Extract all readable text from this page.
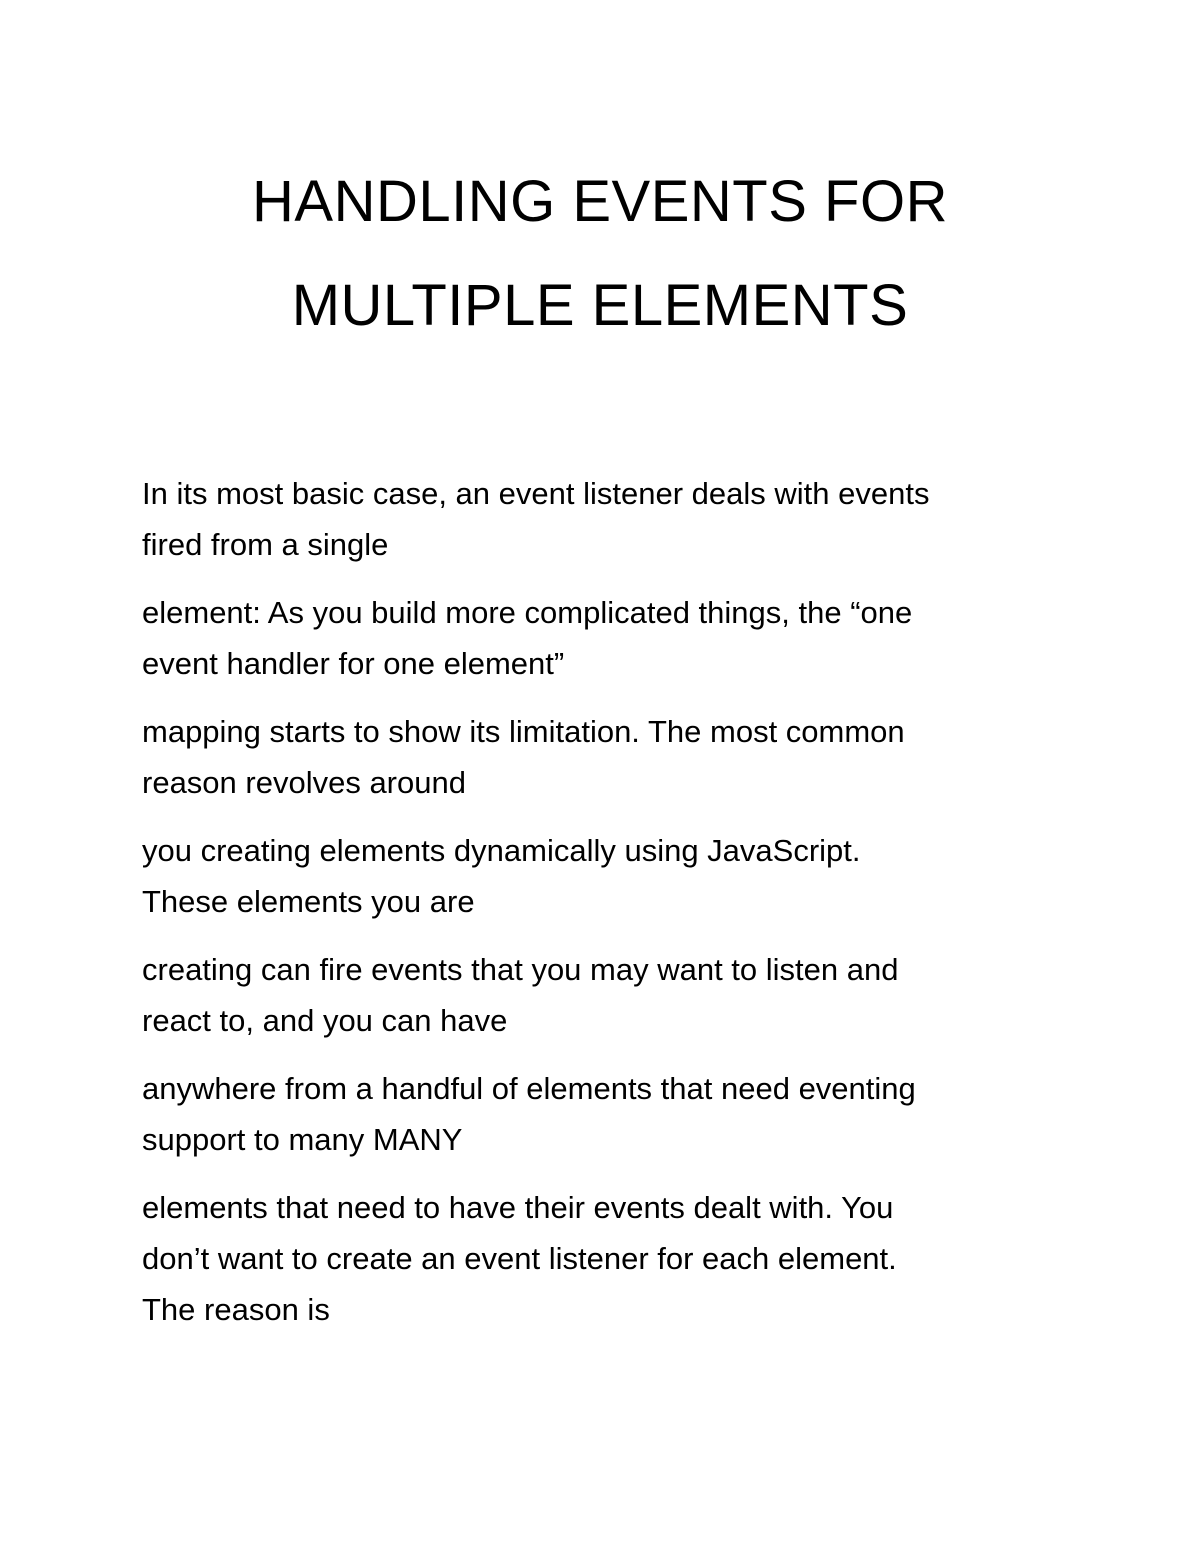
HANDLING EVENTS FOR
MULTIPLE ELEMENTS

In its most basic case, an event listener deals with events
fired from a single

element: As you build more complicated things, the “one
event handler for one element”

mapping starts to show its limitation. The most common
reason revolves around

you creating elements dynamically using JavaScript.
These elements you are

creating can fire events that you may want to listen and
react to, and you can have

anywhere from a handful of elements that need eventing
support to many MANY

elements that need to have their events dealt with. You
don’t want to create an event listener for each element.
The reason is
